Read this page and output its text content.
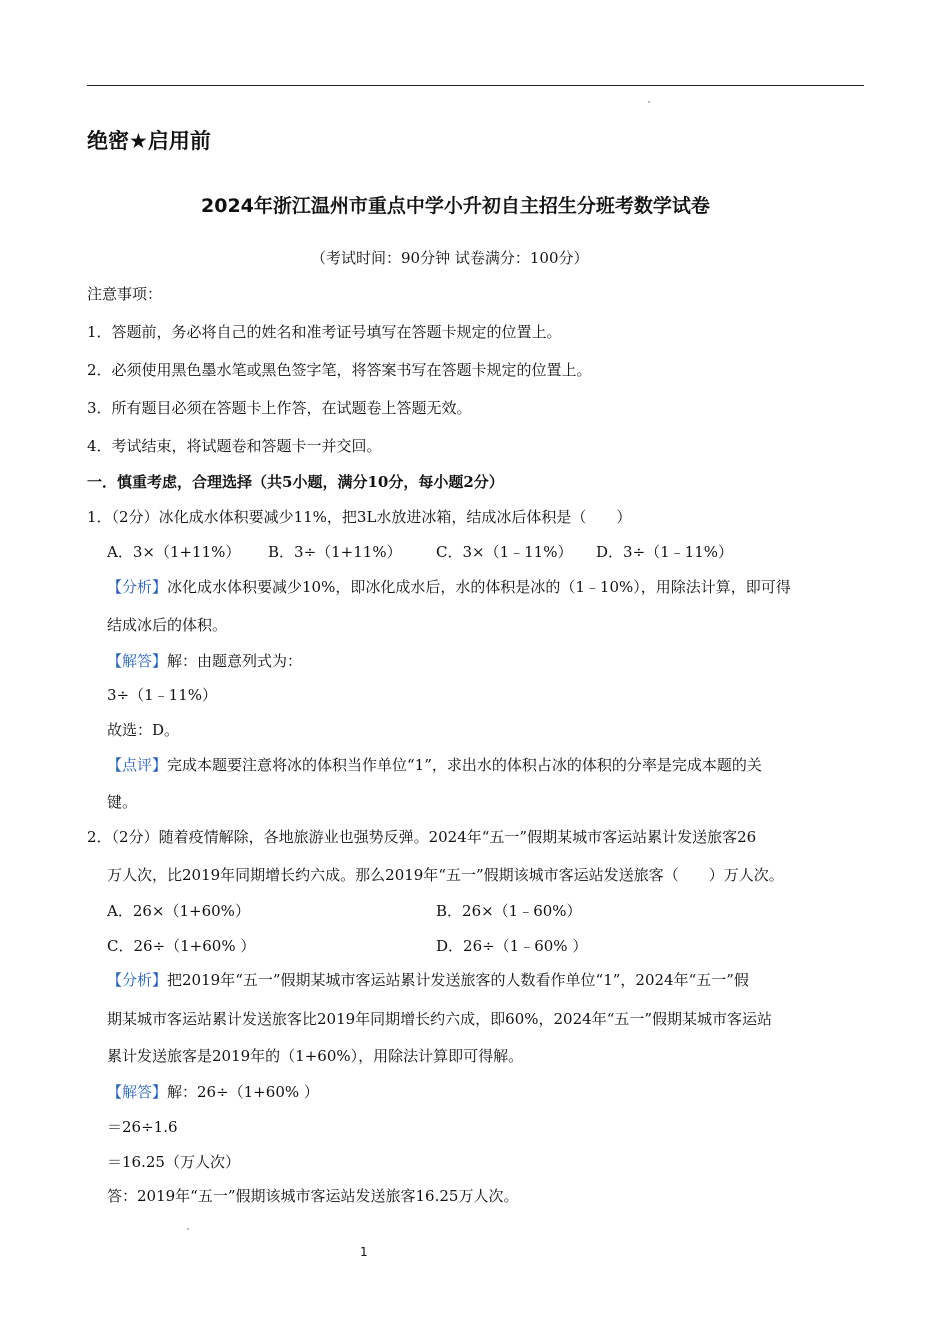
绝密★启用前
2024年浙江温州市重点中学小升初自主招生分班考数学试卷
（考试时间：90分钟 试卷满分：100分）
注意事项：
1．答题前，务必将自己的姓名和准考证号填写在答题卡规定的位置上。
2．必须使用黑色墨水笔或黑色签字笔，将答案书写在答题卡规定的位置上。
3．所有题目必须在答题卡上作答，在试题卷上答题无效。
4．考试结束，将试题卷和答题卡一并交回。
一．慎重考虑，合理选择（共5小题，满分10分，每小题2分）
1．（2分）冰化成水体积要减少11%，把3L水放进冰箱，结成冰后体积是（　　）
A．3×（1+11%） B．3÷（1+11%） C．3×（1﹣11%） D．3÷（1﹣11%）
【分析】冰化成水体积要减少10%，即冰化成水后，水的体积是冰的（1﹣10%），用除法计算，即可得
结成冰后的体积。
【解答】解：由题意列式为：
3÷（1﹣11%）
故选：D。
【点评】完成本题要注意将冰的体积当作单位“1”，求出水的体积占冰的体积的分率是完成本题的关
键。
2．（2分）随着疫情解除，各地旅游业也强势反弹。2024年“五一”假期某城市客运站累计发送旅客26
万人次，比2019年同期增长约六成。那么2019年“五一”假期该城市客运站发送旅客（　　）万人次。
A．26×（1+60%）	B．26×（1﹣60%）
C．26÷（1+60% ）	D．26÷（1﹣60% ）
【分析】把2019年“五一”假期某城市客运站累计发送旅客的人数看作单位“1”，2024年“五一”假
期某城市客运站累计发送旅客比2019年同期增长约六成，即60%，2024年“五一”假期某城市客运站
累计发送旅客是2019年的（1+60%），用除法计算即可得解。
【解答】解：26÷（1+60% ）
＝26÷1.6
＝16.25（万人次）
答：2019年“五一”假期该城市客运站发送旅客16.25万人次。
1
